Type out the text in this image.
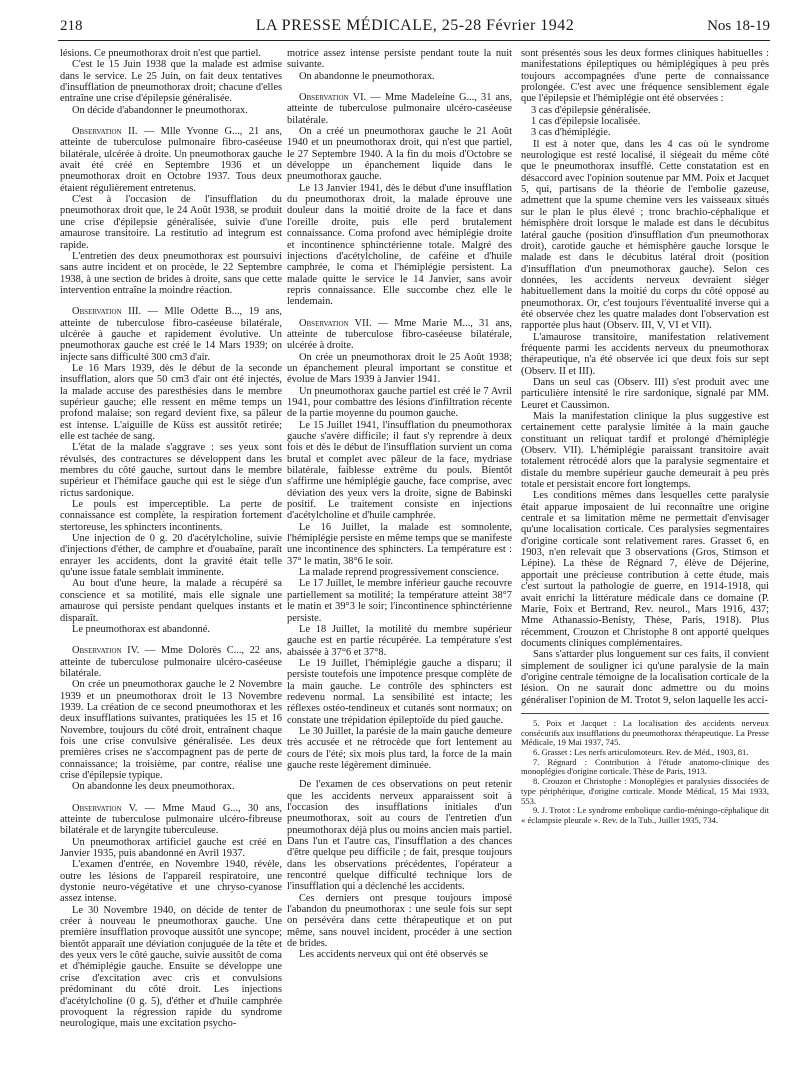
218	LA PRESSE MÉDICALE, 25-28 Février 1942	Nos 18-19

lésions. Ce pneumothorax droit n'est que partiel.

C'est le 15 Juin 1938 que la malade est admise dans le service. Le 25 Juin, on fait deux tentatives d'insufflation de pneumothorax droit; chacune d'elles entraîne une crise d'épilepsie généralisée.

On décide d'abandonner le pneumothorax.

Observation II. — Mlle Yvonne G..., 21 ans, atteinte de tuberculose pulmonaire fibro-caséeuse bilatérale, ulcérée à droite. Un pneumothorax gauche avait été créé en Septembre 1936 et un pneumothorax droit en Octobre 1937. Tous deux étaient régulièrement entretenus.

C'est à l'occasion de l'insufflation du pneumothorax droit que, le 24 Août 1938, se produit une crise d'épilepsie généralisée, suivie d'une amaurose transitoire. La restitutio ad integrum est rapide.

L'entretien des deux pneumothorax est poursuivi sans autre incident et on procède, le 22 Septembre 1938, à une section de brides à droite, sans que cette intervention entraîne la moindre réaction.

Observation III. — Mlle Odette B..., 19 ans, atteinte de tuberculose fibro-caséeuse bilatérale, ulcérée à gauche et rapidement évolutive. Un pneumothorax gauche est créé le 14 Mars 1939; on injecte sans difficulté 300 cm3 d'air.

Le 16 Mars 1939, dès le début de la seconde insufflation, alors que 50 cm3 d'air ont été injectés, la malade accuse des paresthésies dans le membre supérieur gauche; elle ressent en même temps un profond malaise; son regard devient fixe, sa pâleur est intense. L'aiguille de Küss est aussitôt retirée; elle est tachée de sang.

L'état de la malade s'aggrave : ses yeux sont révulsés, des contractures se développent dans les membres du côté gauche, surtout dans le membre supérieur et l'hémiface gauche qui est le siège d'un rictus sardonique.

Le pouls est imperceptible. La perte de connaissance est complète, la respiration fortement stertoreuse, les sphincters incontinents.

Une injection de 0 g. 20 d'acétylcholine, suivie d'injections d'éther, de camphre et d'ouabaïne, paraît enrayer les accidents, dont la gravité était telle qu'une issue fatale semblait imminente.

Au bout d'une heure, la malade a récupéré sa conscience et sa motilité, mais elle signale une amaurose qui persiste pendant quelques instants et disparaît.

Le pneumothorax est abandonné.

Observation IV. — Mme Dolorès C..., 22 ans, atteinte de tuberculose pulmonaire ulcéro-caséeuse bilatérale.

On crée un pneumothorax gauche le 2 Novembre 1939 et un pneumothorax droit le 13 Novembre 1939. La création de ce second pneumothorax et les deux insufflations suivantes, pratiquées les 15 et 16 Novembre, toujours du côté droit, entraînent chaque fois une crise convulsive généralisée. Les deux premières crises ne s'accompagnent pas de perte de connaissance; la troisième, par contre, réalise une crise d'épilepsie typique.

On abandonne les deux pneumothorax.

Observation V. — Mme Maud G..., 30 ans, atteinte de tuberculose pulmonaire ulcéro-fibreuse bilatérale et de laryngite tuberculeuse.

Un pneumothorax artificiel gauche est créé en Janvier 1935, puis abandonné en Avril 1937.

L'examen d'entrée, en Novembre 1940, révèle, outre les lésions de l'appareil respiratoire, une dystonie neuro-végétative et une chryso-cyanose assez intense.

Le 30 Novembre 1940, on décide de tenter de créer à nouveau le pneumothorax gauche. Une première insufflation provoque aussitôt une syncope; bientôt apparaît une déviation conjuguée de la tête et des yeux vers le côté gauche, suivie aussitôt de coma et d'hémiplégie gauche. Ensuite se développe une crise d'excitation avec cris et convulsions prédominant du côté droit. Les injections d'acétylcholine (0 g. 5), d'éther et d'huile camphrée provoquent la régression rapide du syndrome neurologique, mais une excitation psycho-

motrice assez intense persiste pendant toute la nuit suivante.

On abandonne le pneumothorax.

Observation VI. — Mme Madeleine G..., 31 ans, atteinte de tuberculose pulmonaire ulcéro-caséeuse bilatérale.

On a créé un pneumothorax gauche le 21 Août 1940 et un pneumothorax droit, qui n'est que partiel, le 27 Septembre 1940. A la fin du mois d'Octobre se développe un épanchement liquide dans le pneumothorax gauche.

Le 13 Janvier 1941, dès le début d'une insufflation du pneumothorax droit, la malade éprouve une douleur dans la moitié droite de la face et dans l'oreille droite, puis elle perd brutalement connaissance. Coma profond avec hémiplégie droite et incontinence sphinctérienne totale. Malgré des injections d'acétylcholine, de caféine et d'huile camphrée, le coma et l'hémiplégie persistent. La malade quitte le service le 14 Janvier, sans avoir repris connaissance. Elle succombe chez elle le lendemain.

Observation VII. — Mme Marie M..., 31 ans, atteinte de tuberculose fibro-caséeuse bilatérale, ulcérée à droite.

On crée un pneumothorax droit le 25 Août 1938; un épanchement pleural important se constitue et évolue de Mars 1939 à Janvier 1941.

Un pneumothorax gauche partiel est créé le 7 Avril 1941, pour combattre des lésions d'infiltration récente de la partie moyenne du poumon gauche.

Le 15 Juillet 1941, l'insufflation du pneumothorax gauche s'avère difficile; il faut s'y reprendre à deux fois et dès le début de l'insufflation survient un coma brutal et complet avec pâleur de la face, mydriase bilatérale, faiblesse extrême du pouls. Bientôt s'affirme une hémiplégie gauche, face comprise, avec déviation des yeux vers la droite, signe de Babinski positif. Le traitement consiste en injections d'acétylcholine et d'huile camphrée.

Le 16 Juillet, la malade est somnolente, l'hémiplégie persiste en même temps que se manifeste une incontinence des sphincters. La température est : 37° le matin, 38°6 le soir.

La malade reprend progressivement conscience.

Le 17 Juillet, le membre inférieur gauche recouvre partiellement sa motilité; la température atteint 38°7 le matin et 39°3 le soir; l'incontinence sphinctérienne persiste.

Le 18 Juillet, la motilité du membre supérieur gauche est en partie récupérée. La température s'est abaissée à 37°6 et 37°8.

Le 19 Juillet, l'hémiplégie gauche a disparu; il persiste toutefois une impotence presque complète de la main gauche. Le contrôle des sphincters est redevenu normal. La sensibilité est intacte; les réflexes ostéo-tendineux et cutanés sont normaux; on constate une trépidation épileptoïde du pied gauche.

Le 30 Juillet, la parésie de la main gauche demeure très accusée et ne rétrocède que fort lentement au cours de l'été; six mois plus tard, la force de la main gauche reste légèrement diminuée.

De l'examen de ces observations on peut retenir que les accidents nerveux apparaissent soit à l'occasion des insufflations initiales d'un pneumothorax, soit au cours de l'entretien d'un pneumothorax déjà plus ou moins ancien mais partiel. Dans l'un et l'autre cas, l'insufflation a des chances d'être quelque peu difficile ; de fait, presque toujours dans les observations précédentes, l'opérateur a rencontré quelque difficulté technique lors de l'insufflation qui a déclenché les accidents.

Ces derniers ont presque toujours imposé l'abandon du pneumothorax : une seule fois sur sept on persévéra dans cette thérapeutique et on put même, sans nouvel incident, procéder à une section de brides.

Les accidents nerveux qui ont été observés se

sont présentés sous les deux formes cliniques habituelles : manifestations épileptiques ou hémiplégiques à peu près toujours accompagnées d'une perte de connaissance prolongée. C'est avec une fréquence sensiblement égale que l'épilepsie et l'hémiplégie ont été observées :

3 cas d'épilepsie généralisée.

1 cas d'épilepsie localisée.

3 cas d'hémiplégie.

Il est à noter que, dans les 4 cas où le syndrome neurologique est resté localisé, il siégeait du même côté que le pneumothorax insufflé. Cette constatation est en désaccord avec l'opinion soutenue par MM. Poix et Jacquet 5, qui, partisans de la théorie de l'embolie gazeuse, admettent que la spume chemine vers les vaisseaux situés sur le plan le plus élevé ; tronc brachio-céphalique et hémisphère droit lorsque le malade est dans le décubitus latéral gauche (position d'insufflation d'un pneumothorax droit), carotide gauche et hémisphère gauche lorsque le malade est dans le décubitus latéral droit (position d'insufflation d'un pneumothorax gauche). Selon ces données, les accidents nerveux devraient siéger habituellement dans la moitié du corps du côté opposé au pneumothorax. Or, c'est toujours l'éventualité inverse qui a été observée chez les quatre malades dont l'observation est rapportée plus haut (Observ. III, V, VI et VII).

L'amaurose transitoire, manifestation relativement fréquente parmi les accidents nerveux du pneumothorax thérapeutique, n'a été observée ici que deux fois sur sept (Observ. II et III).

Dans un seul cas (Observ. III) s'est produit avec une particulière intensité le rire sardonique, signalé par MM. Leuret et Caussimon.

Mais la manifestation clinique la plus suggestive est certainement cette paralysie limitée à la main gauche constituant un reliquat tardif et prolongé d'hémiplégie (Observ. VII). L'hémiplégie paraissant transitoire avait totalement rétrocédé alors que la paralysie segmentaire et distale du membre supérieur gauche demeurait à peu près totale et persistait encore fort longtemps.

Les conditions mêmes dans lesquelles cette paralysie était apparue imposaient de lui reconnaître une origine centrale et sa limitation même ne permettait d'envisager qu'une localisation corticale. Ces paralysies segmentaires d'origine corticale sont relativement rares. Grasset 6, en 1903, n'en relevait que 3 observations (Gros, Stimson et Lépine). La thèse de Régnard 7, élève de Déjerine, apportait une précieuse contribution à cette étude, mais c'est surtout la pathologie de guerre, en 1914-1918, qui avait enrichi la littérature médicale dans ce domaine (P. Marie, Foix et Bertrand, Rev. neurol., Mars 1916, 437; Mme Athanassio-Benisty, Thèse, Paris, 1918). Plus récemment, Crouzon et Christophe 8 ont apporté quelques documents cliniques complémentaires.

Sans s'attarder plus longuement sur ces faits, il convient simplement de souligner ici qu'une paralysie de la main d'origine centrale témoigne de la localisation corticale de la lésion. On ne saurait donc admettre ou du moins généraliser l'opinion de M. Trotot 9, selon laquelle les acci-

5. Poix et Jacquet : La localisation des accidents nerveux consécutifs aux insufflations du pneumothorax thérapeutique. La Presse Médicale, 19 Mai 1937, 745.

6. Grasset : Les nerfs articulomoteurs. Rev. de Méd., 1903, 81.

7. Régnard : Contribution à l'étude anatomo-clinique des monoplégies d'origine corticale. Thèse de Paris, 1913.

8. Crouzon et Christophe : Monoplégies et paralysies dissociées de type périphérique, d'origine corticale. Monde Médical, 15 Mai 1933, 553.

9. J. Trotot : Le syndrome embolique cardio-méningo-céphalique dit « éclampsie pleurale ». Rev. de la Tub., Juillet 1935, 734.
